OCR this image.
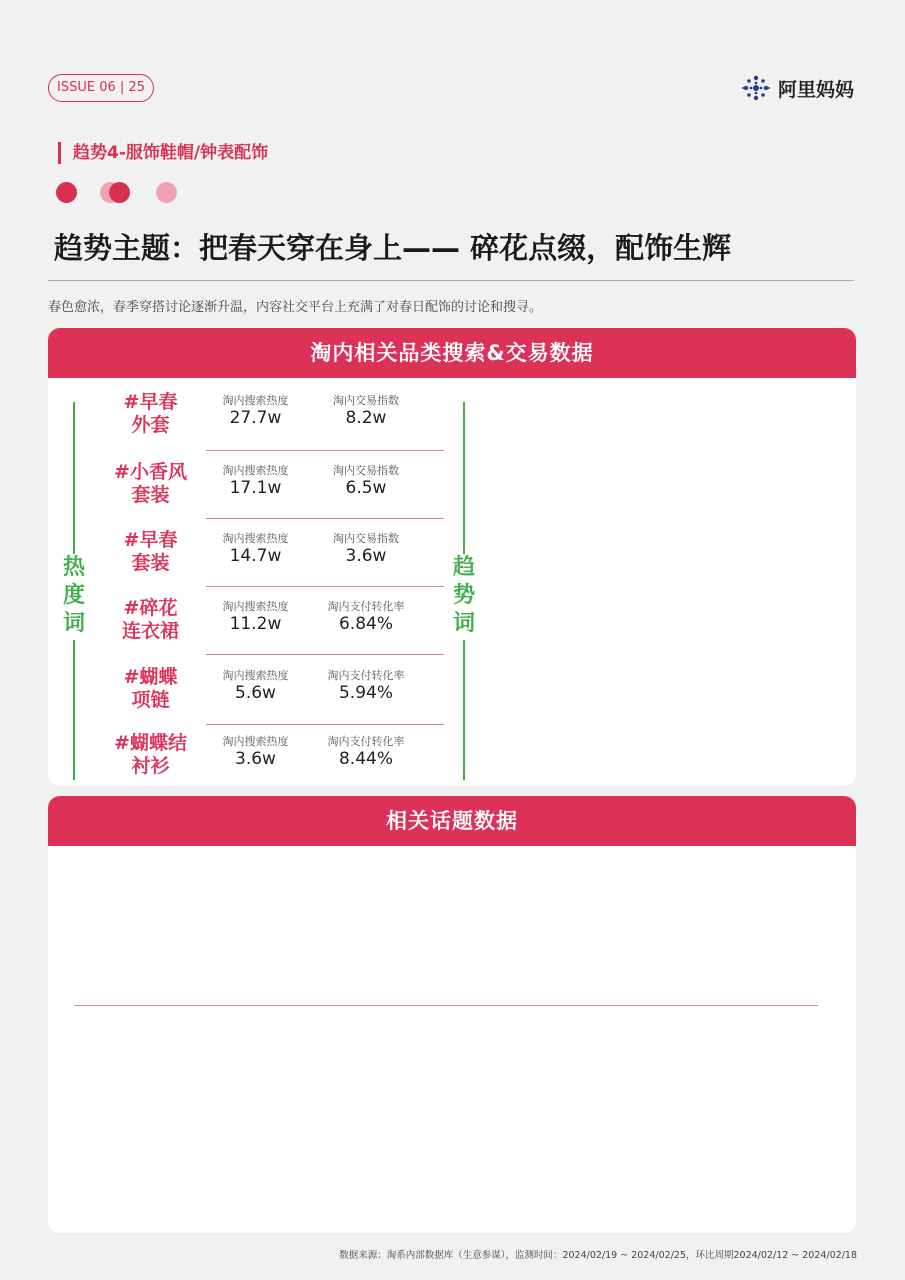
ISSUE 06 | 25	阿里妈妈
趋势4-服饰鞋帽/钟表配饰
趋势主题：把春天穿在身上—— 碎花点缀，配饰生辉
春色愈浓，春季穿搭讨论逐渐升温，内容社交平台上充满了对春日配饰的讨论和搜寻。
淘内相关品类搜索&交易数据
热
度
词
趋
势
词
#早春
外套
淘内搜索热度
27.7w
淘内交易指数
8.2w
#小香风
套装
淘内搜索热度
17.1w
淘内交易指数
6.5w
#早春
套装
淘内搜索热度
14.7w
淘内交易指数
3.6w
#碎花
连衣裙
淘内搜索热度
11.2w
淘内支付转化率
6.84%
#蝴蝶
项链
淘内搜索热度
5.6w
淘内支付转化率
5.94%
#蝴蝶结
衬衫
淘内搜索热度
3.6w
淘内支付转化率
8.44%
相关话题数据
数据来源：淘系内部数据库（生意参谋），监测时间：2024/02/19 ~ 2024/02/25，环比周期2024/02/12 ~ 2024/02/18
